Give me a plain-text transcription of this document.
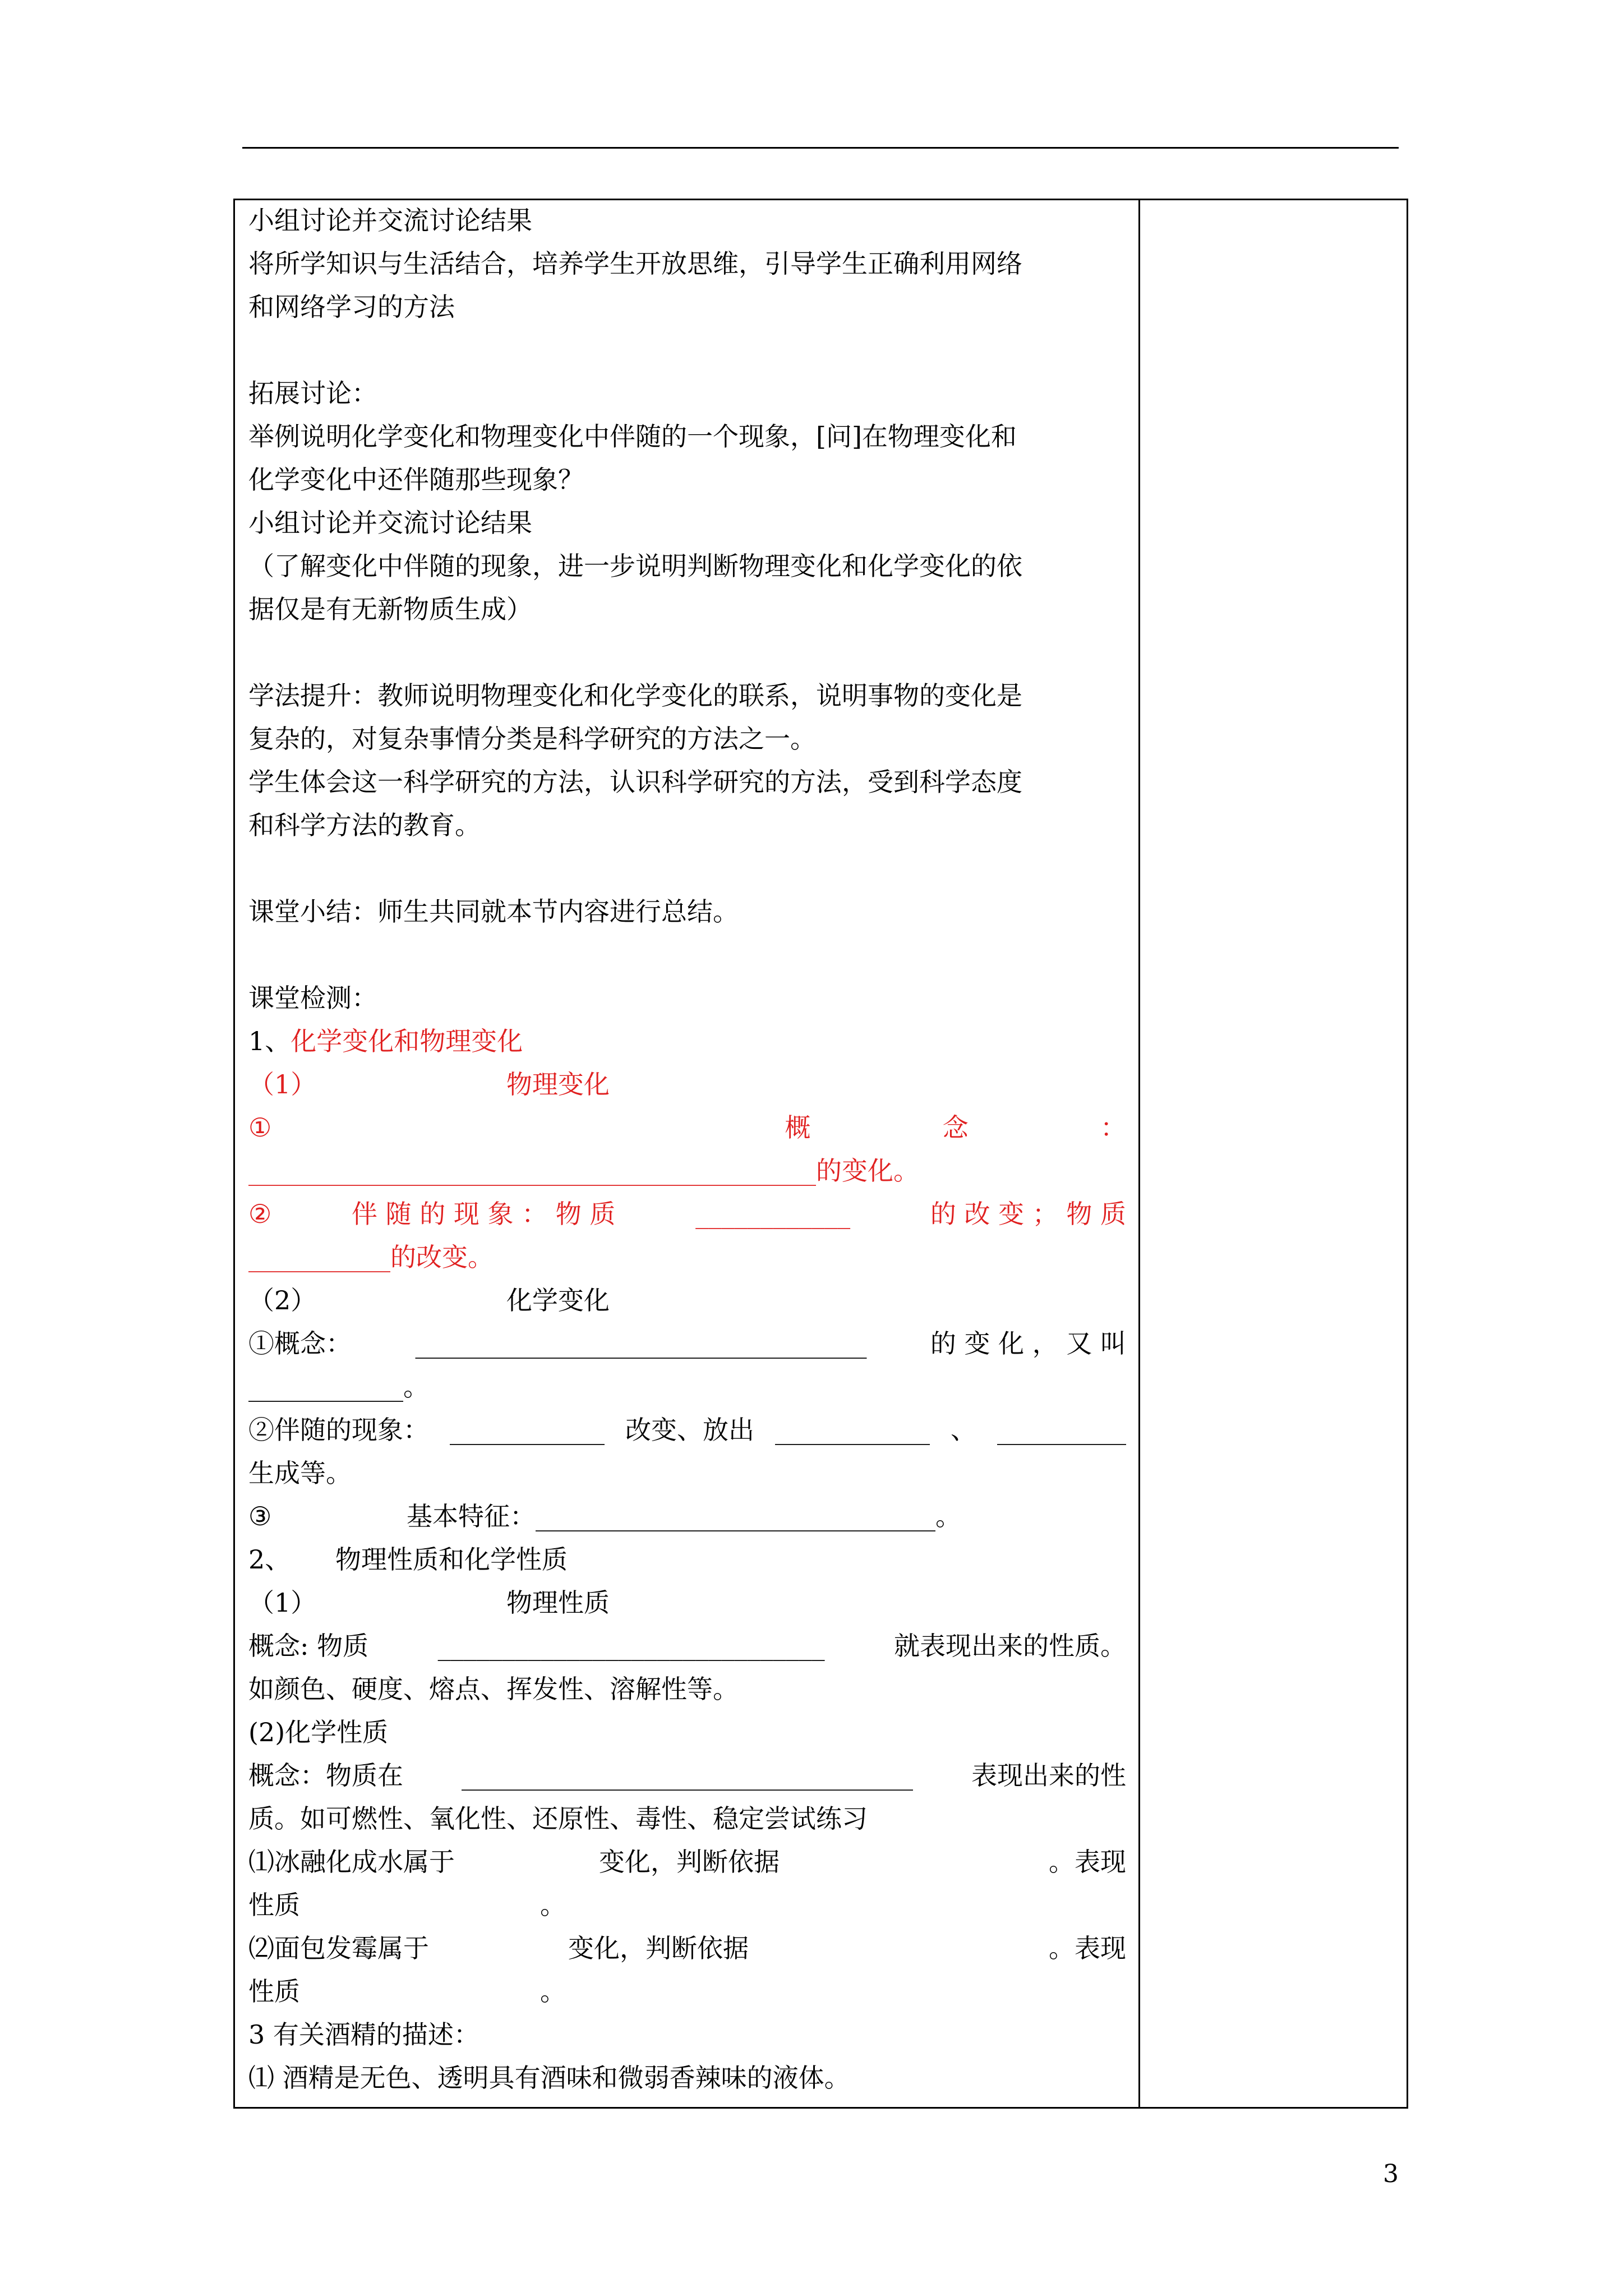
小组讨论并交流讨论结果
将所学知识与生活结合，培养学生开放思维，引导学生正确利用网络
和网络学习的方法
拓展讨论：
举例说明化学变化和物理变化中伴随的一个现象，[问]在物理变化和
化学变化中还伴随那些现象？
小组讨论并交流讨论结果
（了解变化中伴随的现象，进一步说明判断物理变化和化学变化的依
据仅是有无新物质生成）
学法提升：教师说明物理变化和化学变化的联系，说明事物的变化是
复杂的，对复杂事情分类是科学研究的方法之一。
学生体会这一科学研究的方法，认识科学研究的方法，受到科学态度
和科学方法的教育。
课堂小结：师生共同就本节内容进行总结。
课堂检测：
1、化学变化和物理变化
（1）	物理变化
①	概	念	：
____________________________________________的变化。
②	伴 随 的 现 象 ： 物 质	____________	的 改 变 ； 物 质
___________的改变。
（2）	化学变化
①概念： ___________________________________ 的 变 化 ， 又 叫
____________。
②伴随的现象： ____________ 改变、放出 ____________ 、 __________
生成等。
③	基本特征：_______________________________。
2、 物理性质和化学性质
（1）	物理性质
概念: 物质	______________________________	就表现出来的性质。
如颜色、硬度、熔点、挥发性、溶解性等。
(2)化学性质
概念：物质在 ___________________________________ 表现出来的性
质。如可燃性、氧化性、还原性、毒性、稳定尝试练习
⑴冰融化成水属于	变化，判断依据	。表现
性质	。
⑵面包发霉属于	变化，判断依据	。表现
性质	。
3 有关酒精的描述：
⑴ 酒精是无色、透明具有酒味和微弱香辣味的液体。
3
